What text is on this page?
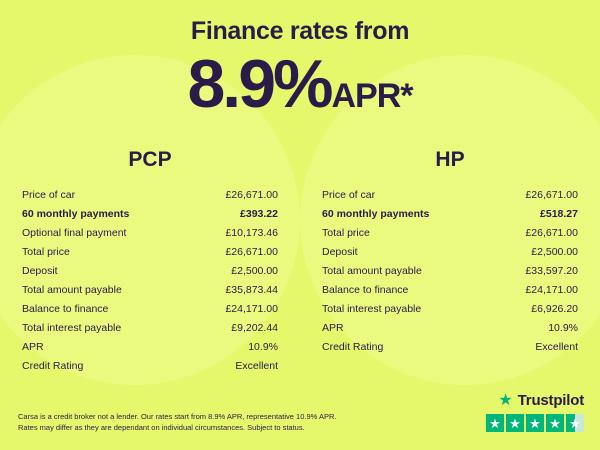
Finance rates from
8.9%APR*
PCP
Price of car	£26,671.00
60 monthly payments	£393.22
Optional final payment	£10,173.46
Total price	£26,671.00
Deposit	£2,500.00
Total amount payable	£35,873.44
Balance to finance	£24,171.00
Total interest payable	£9,202.44
APR	10.9%
Credit Rating	Excellent
HP
Price of car	£26,671.00
60 monthly payments	£518.27
Total price	£26,671.00
Deposit	£2,500.00
Total amount payable	£33,597.20
Balance to finance	£24,171.00
Total interest payable	£6,926.20
APR	10.9%
Credit Rating	Excellent
Carsa is a credit broker not a lender. Our rates start from 8.9% APR, representative 10.9% APR.
Rates may differ as they are dependant on individual circumstances. Subject to status.
★ Trustpilot
★ ★ ★ ★ ★
